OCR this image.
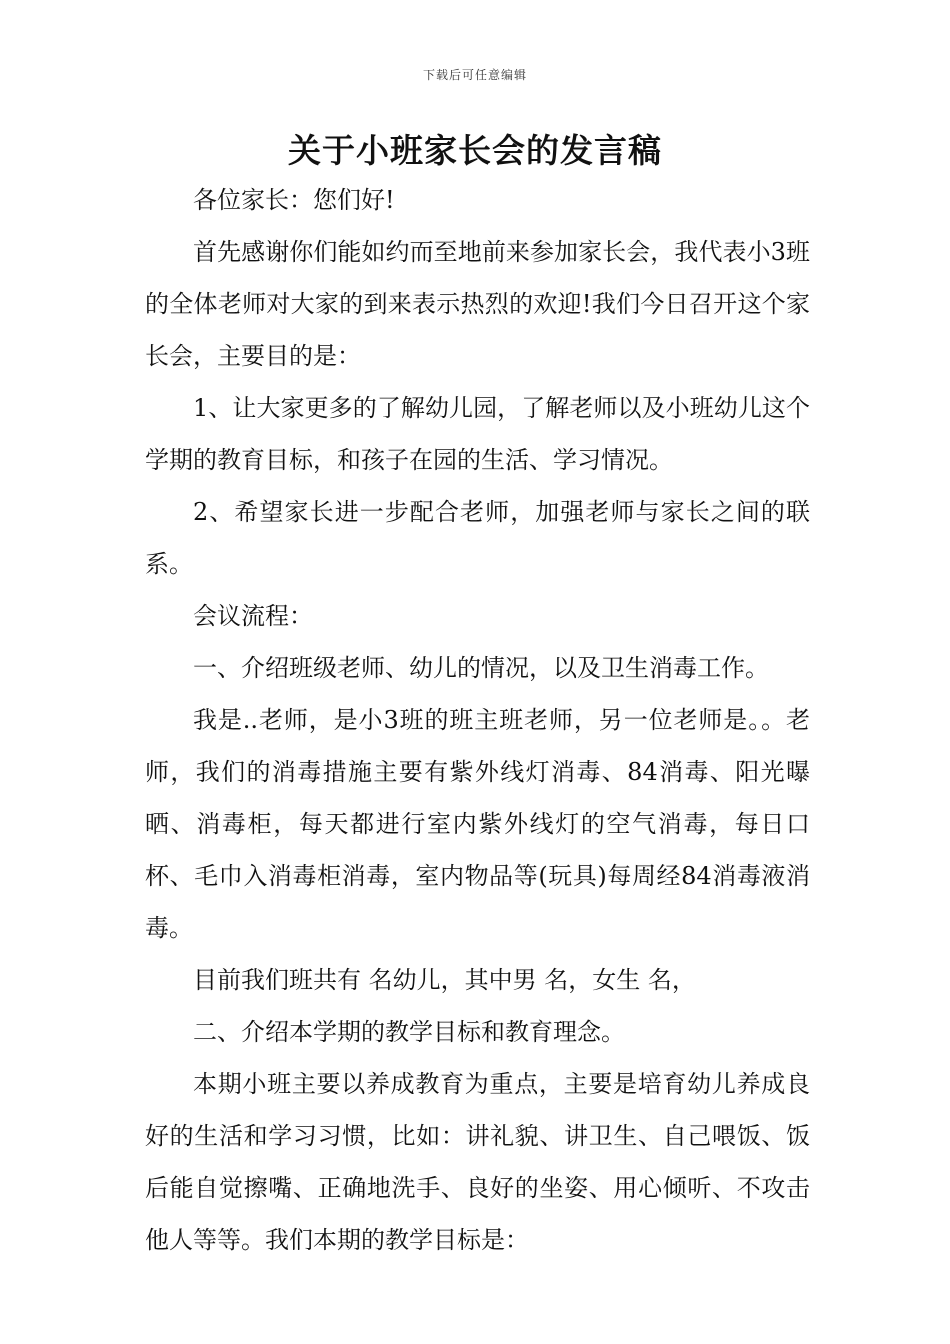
下载后可任意编辑
关于小班家长会的发言稿

各位家长：您们好!

首先感谢你们能如约而至地前来参加家长会，我代表小3班的全体老师对大家的到来表示热烈的欢迎!我们今日召开这个家长会，主要目的是：

1、让大家更多的了解幼儿园，了解老师以及小班幼儿这个学期的教育目标，和孩子在园的生活、学习情况。

2、希望家长进一步配合老师，加强老师与家长之间的联系。

会议流程：

一、介绍班级老师、幼儿的情况，以及卫生消毒工作。

我是..老师，是小3班的班主班老师，另一位老师是。。老师，我们的消毒措施主要有紫外线灯消毒、84消毒、阳光曝晒、消毒柜，每天都进行室内紫外线灯的空气消毒，每日口杯、毛巾入消毒柜消毒，室内物品等(玩具)每周经84消毒液消毒。

目前我们班共有 名幼儿，其中男 名，女生 名，

二、介绍本学期的教学目标和教育理念。

本期小班主要以养成教育为重点，主要是培育幼儿养成良好的生活和学习习惯，比如：讲礼貌、讲卫生、自己喂饭、饭后能自觉擦嘴、正确地洗手、良好的坐姿、用心倾听、不攻击他人等等。我们本期的教学目标是：
